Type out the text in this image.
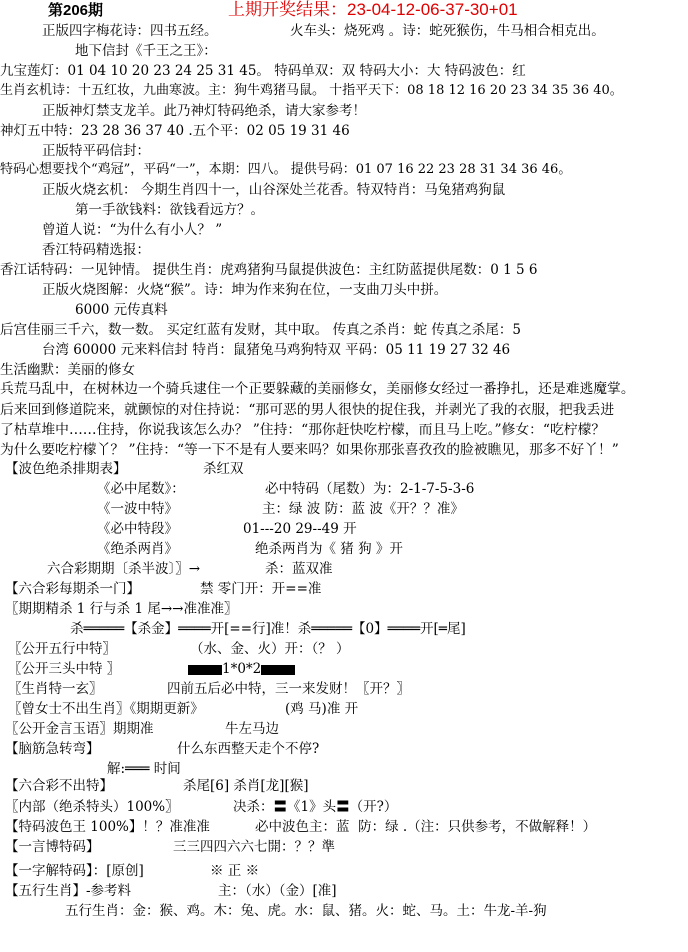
第206期	上期开奖结果：23-04-12-06-37-30+01
正版四字梅花诗：四书五经。	火车头：烧死鸡 。诗：蛇死猴伤，牛马相合相克出。
地下信封《千王之王》：
九宝莲灯：01 04 10 20 23 24 25 31 45。 特码单双：双 特码大小：大 特码波色：红
生肖玄机诗：十五红妆，九曲寒波。主：狗牛鸡猪马鼠。 十指平天下：08 18 12 16 20 23 34 35 36 40。
正版神灯禁支龙羊。此乃神灯特码绝杀，请大家参考！
神灯五中特：23 28 36 37 40 .五个平：02 05 19 31 46
正版特平码信封：
特码心想要找个“鸡冠”，平码“一”，本期：四八。 提供号码：01 07 16 22 23 28 31 34 36 46。
正版火烧玄机： 今期生肖四十一，山谷深处兰花香。特双特肖：马兔猪鸡狗鼠
第一手欲钱料：欲钱看远方？。
曾道人说：“为什么有小人？ ”
香江特码精选报：
香江话特码：一见钟情。 提供生肖：虎鸡猪狗马鼠提供波色：主红防蓝提供尾数：0 1 5 6
正版火烧图解：火烧“猴”。诗：坤为作来狗在位，一支曲刀头中拼。
6000 元传真料
后宫佳丽三千六，数一数。 买定红蓝有发财，其中取。 传真之杀肖：蛇 传真之杀尾：5
台湾 60000 元来料信封 特肖：鼠猪兔马鸡狗特双 平码：05 11 19 27 32 46
生活幽默：美丽的修女
兵荒马乱中，在树林边一个骑兵逮住一个正要躲藏的美丽修女，美丽修女经过一番挣扎，还是难逃魔掌。
后来回到修道院来，就颤惊的对住持说：“那可恶的男人很快的捉住我，并剥光了我的衣服，把我丢进
了枯草堆中……住持，你说我该怎么办？ ”住持：“那你赶快吃柠檬，而且马上吃。”修女：“吃柠檬？
为什么要吃柠檬丫？ ”住持：“等一下不是有人要来吗？如果你那张喜孜孜的脸被瞧见，那多不好丫！”
【波色绝杀排期表】	杀红双
《必中尾数》：	必中特码（尾数）为：2-1-7-5-3-6
《一波中特》	主：绿 波 防：蓝 波《开？？准》
《必中特段》	01---20 29--49 开
《绝杀两肖》	绝杀两肖为《 猪 狗 》开
六合彩期期〔杀半波〕〗→	杀：蓝双准
【六合彩每期杀一门】	禁 零门开：开==准
〖期期精杀 1 行与杀 1 尾→→准准准〗
杀═════【杀金】════开[==行]准！杀═════【0】════开[═尾]
〖公开五行中特〗	（水、金、火）开：（？ ）
〖公开三头中特 〗	1*0*2
〖生肖特一玄〗	四前五后必中特，三一来发财！〖开？〗
〖曾女士不出生肖〗《期期更新》	(鸡 马)准 开
〖公开金言玉语〗期期准	牛左马边
【脑筋急转弯】	什么东西整天走个不停?
解:═══ 时间
【六合彩不出特】	杀尾[6] 杀肖[龙][猴]
〖内部（绝杀特头）100%〗	决杀：〓《1》头〓（开?）
【特码波色王 100%】！？准准准	必中波色主：蓝  防：绿 .（注：只供参考，不做解释！）
【一言博特码】	三三四四六六七開：？？準
【一字解特码】：[原创]	※ 正 ※
【五行生肖】-参考料	主：（水）（金）[准]
五行生肖：金：猴、鸡。木：兔、虎。水：鼠、猪。火：蛇、马。土：牛龙-羊-狗
